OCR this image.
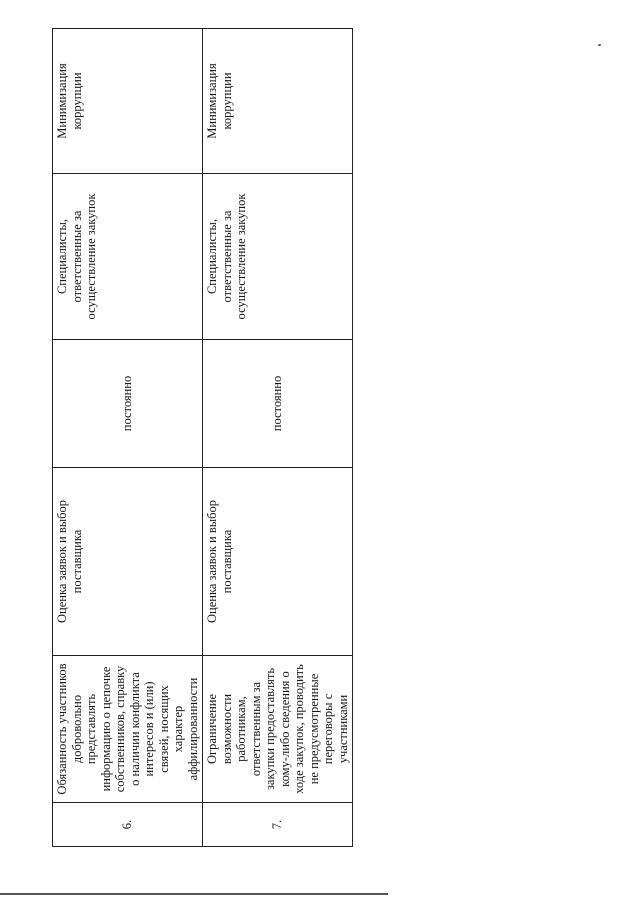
6.	Обязанность участников добровольно представлять информацию о цепочке собственников, справку о наличии конфликта интересов и (или) связей, носящих характер аффилированности	Оценка заявок и выбор поставщика	постоянно	Специалисты, ответственные за осуществление закупок	Минимизация коррупции
7.	Ограничение возможности работникам, ответственным за закупки предоставлять кому-либо сведения о ходе закупок, проводить не предусмотренные переговоры с участниками	Оценка заявок и выбор поставщика	постоянно	Специалисты, ответственные за осуществление закупок	Минимизация коррупции
